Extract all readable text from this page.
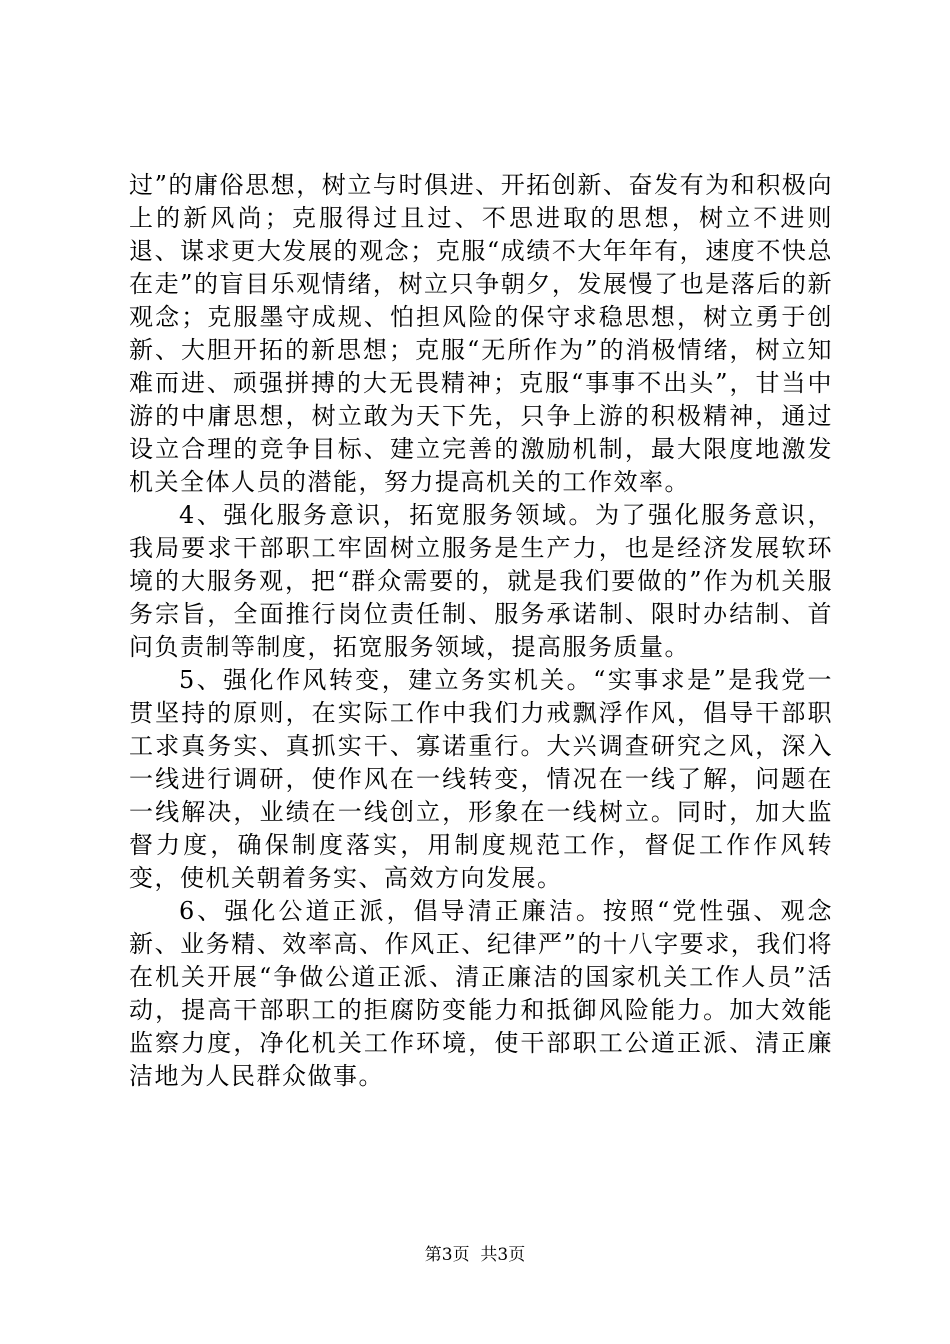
过”的庸俗思想，树立与时俱进、开拓创新、奋发有为和积极向上的新风尚；克服得过且过、不思进取的思想，树立不进则退、谋求更大发展的观念；克服“成绩不大年年有，速度不快总在走”的盲目乐观情绪，树立只争朝夕，发展慢了也是落后的新观念；克服墨守成规、怕担风险的保守求稳思想，树立勇于创新、大胆开拓的新思想；克服“无所作为”的消极情绪，树立知难而进、顽强拼搏的大无畏精神；克服“事事不出头”，甘当中游的中庸思想，树立敢为天下先，只争上游的积极精神，通过设立合理的竞争目标、建立完善的激励机制，最大限度地激发机关全体人员的潜能，努力提高机关的工作效率。

4、强化服务意识，拓宽服务领域。为了强化服务意识，我局要求干部职工牢固树立服务是生产力，也是经济发展软环境的大服务观，把“群众需要的，就是我们要做的”作为机关服务宗旨，全面推行岗位责任制、服务承诺制、限时办结制、首问负责制等制度，拓宽服务领域，提高服务质量。

5、强化作风转变，建立务实机关。“实事求是”是我党一贯坚持的原则，在实际工作中我们力戒飘浮作风，倡导干部职工求真务实、真抓实干、寡诺重行。大兴调查研究之风，深入一线进行调研，使作风在一线转变，情况在一线了解，问题在一线解决，业绩在一线创立，形象在一线树立。同时，加大监督力度，确保制度落实，用制度规范工作，督促工作作风转变，使机关朝着务实、高效方向发展。

6、强化公道正派，倡导清正廉洁。按照“党性强、观念新、业务精、效率高、作风正、纪律严”的十八字要求，我们将在机关开展“争做公道正派、清正廉洁的国家机关工作人员”活动，提高干部职工的拒腐防变能力和抵御风险能力。加大效能监察力度，净化机关工作环境，使干部职工公道正派、清正廉洁地为人民群众做事。

第3页  共3页
